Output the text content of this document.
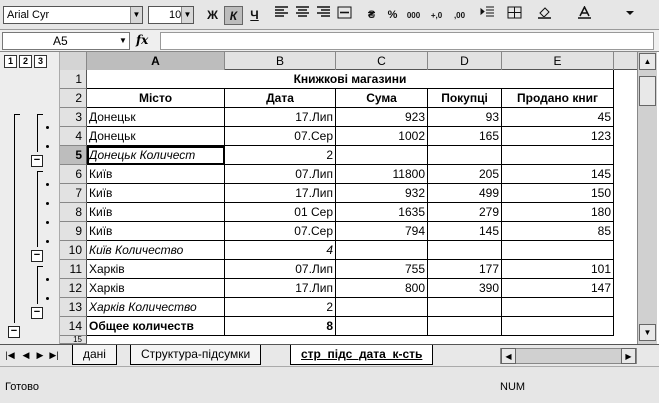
Arial Cyr	▼	10 ▼	Ж К	Ч	₴	%	000	+,0	,00
A5	▼ fx
1	2	3
−
−
−
−
A	B	C	D	E
1	Книжкові магазини
2	Місто	Дата	Сума	Покупці	Продано книг
3 Донецьк	17.Лип	923	93	45
4 Донецьк	07.Сер	1002	165	123
5 Донецьк Количест	2
6 Київ	07.Лип	11800	205	145
7 Київ	17.Лип	932	499	150
8 Київ	01 Сер	1635	279	180
9 Київ	07.Сер	794	145	85
10 Київ Количество	4
11 Харків	07.Лип	755	177	101
12 Харків	17.Лип	800	390	147
13 Харків Количество	2
14 Общее количеств	8
15
▲
▼
|◀ ◀ ▶ ▶|	дані	Структура-підсумки	стр_підс_дата_к-сть	◀	▶
Готово	NUM
